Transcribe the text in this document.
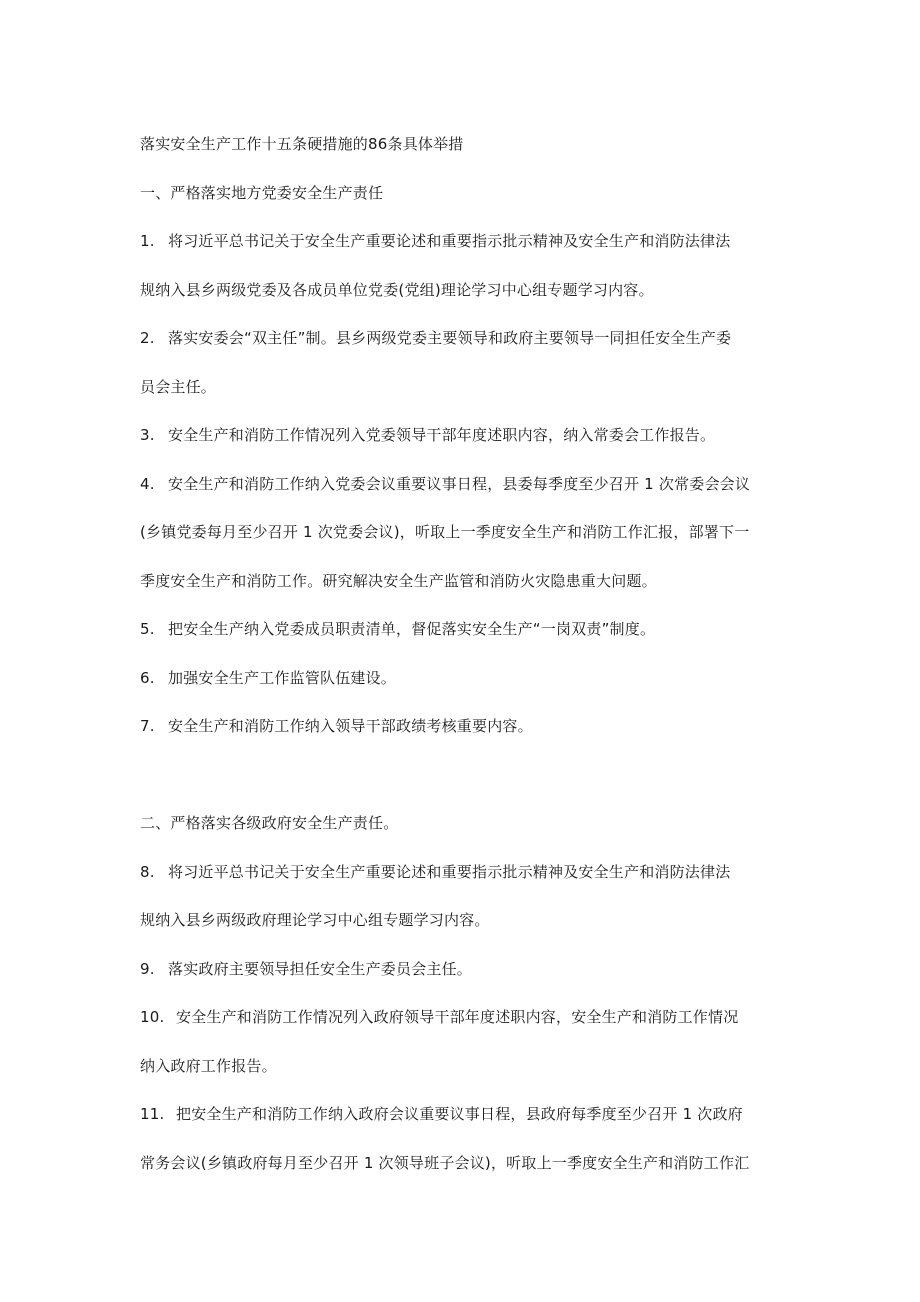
落实安全生产工作十五条硬措施的86条具体举措
一、严格落实地方党委安全生产责任
1. 将习近平总书记关于安全生产重要论述和重要指示批示精神及安全生产和消防法律法
规纳入县乡两级党委及各成员单位党委(党组)理论学习中心组专题学习内容。
2. 落实安委会“双主任”制。县乡两级党委主要领导和政府主要领导一同担任安全生产委
员会主任。
3. 安全生产和消防工作情况列入党委领导干部年度述职内容，纳入常委会工作报告。
4. 安全生产和消防工作纳入党委会议重要议事日程，县委每季度至少召开 1 次常委会会议
(乡镇党委每月至少召开 1 次党委会议)，听取上一季度安全生产和消防工作汇报，部署下一
季度安全生产和消防工作。研究解决安全生产监管和消防火灾隐患重大问题。
5. 把安全生产纳入党委成员职责清单，督促落实安全生产“一岗双责”制度。
6. 加强安全生产工作监管队伍建设。
7. 安全生产和消防工作纳入领导干部政绩考核重要内容。
二、严格落实各级政府安全生产责任。
8. 将习近平总书记关于安全生产重要论述和重要指示批示精神及安全生产和消防法律法
规纳入县乡两级政府理论学习中心组专题学习内容。
9. 落实政府主要领导担任安全生产委员会主任。
10. 安全生产和消防工作情况列入政府领导干部年度述职内容，安全生产和消防工作情况
纳入政府工作报告。
11. 把安全生产和消防工作纳入政府会议重要议事日程，县政府每季度至少召开 1 次政府
常务会议(乡镇政府每月至少召开 1 次领导班子会议)，听取上一季度安全生产和消防工作汇
